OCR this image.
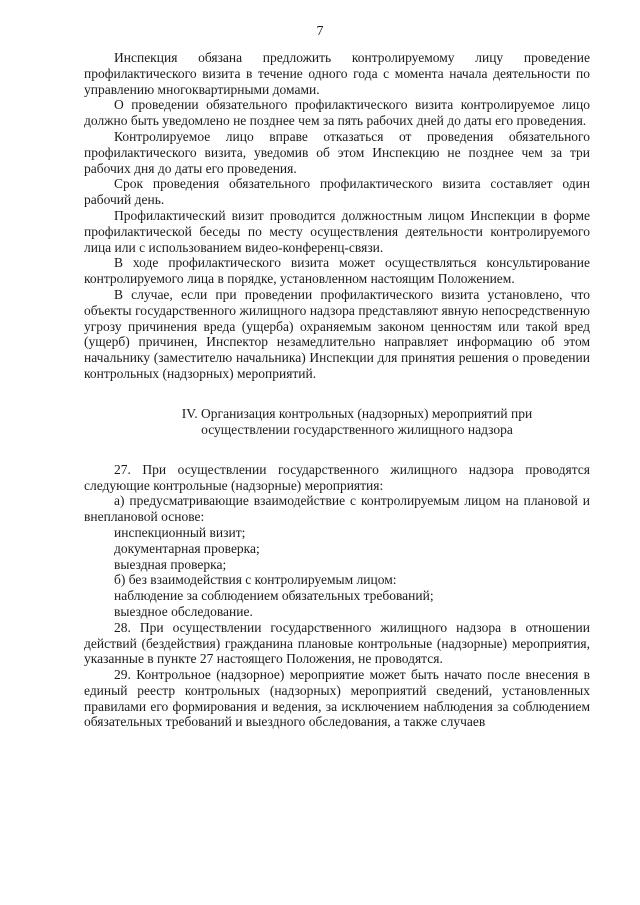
7

Инспекция обязана предложить контролируемому лицу проведение профилактического визита в течение одного года с момента начала деятельности по управлению многоквартирными домами.

О проведении обязательного профилактического визита контролируемое лицо должно быть уведомлено не позднее чем за пять рабочих дней до даты его проведения.

Контролируемое лицо вправе отказаться от проведения обязательного профилактического визита, уведомив об этом Инспекцию не позднее чем за три рабочих дня до даты его проведения.

Срок проведения обязательного профилактического визита составляет один рабочий день.

Профилактический визит проводится должностным лицом Инспекции в форме профилактической беседы по месту осуществления деятельности контролируемого лица или с использованием видео-конференц-связи.

В ходе профилактического визита может осуществляться консультирование контролируемого лица в порядке, установленном настоящим Положением.

В случае, если при проведении профилактического визита установлено, что объекты государственного жилищного надзора представляют явную непосредственную угрозу причинения вреда (ущерба) охраняемым законом ценностям или такой вред (ущерб) причинен, Инспектор незамедлительно направляет информацию об этом начальнику (заместителю начальника) Инспекции для принятия решения о проведении контрольных (надзорных) мероприятий.

IV. Организация контрольных (надзорных) мероприятий при
осуществлении государственного жилищного надзора

27. При осуществлении государственного жилищного надзора проводятся следующие контрольные (надзорные) мероприятия:

а) предусматривающие взаимодействие с контролируемым лицом на плановой и внеплановой основе:

инспекционный визит;

документарная проверка;

выездная проверка;

б) без взаимодействия с контролируемым лицом:

наблюдение за соблюдением обязательных требований;

выездное обследование.

28. При осуществлении государственного жилищного надзора в отношении действий (бездействия) гражданина плановые контрольные (надзорные) мероприятия, указанные в пункте 27 настоящего Положения, не проводятся.

29. Контрольное (надзорное) мероприятие может быть начато после внесения в единый реестр контрольных (надзорных) мероприятий сведений, установленных правилами его формирования и ведения, за исключением наблюдения за соблюдением обязательных требований и выездного обследования, а также случаев
